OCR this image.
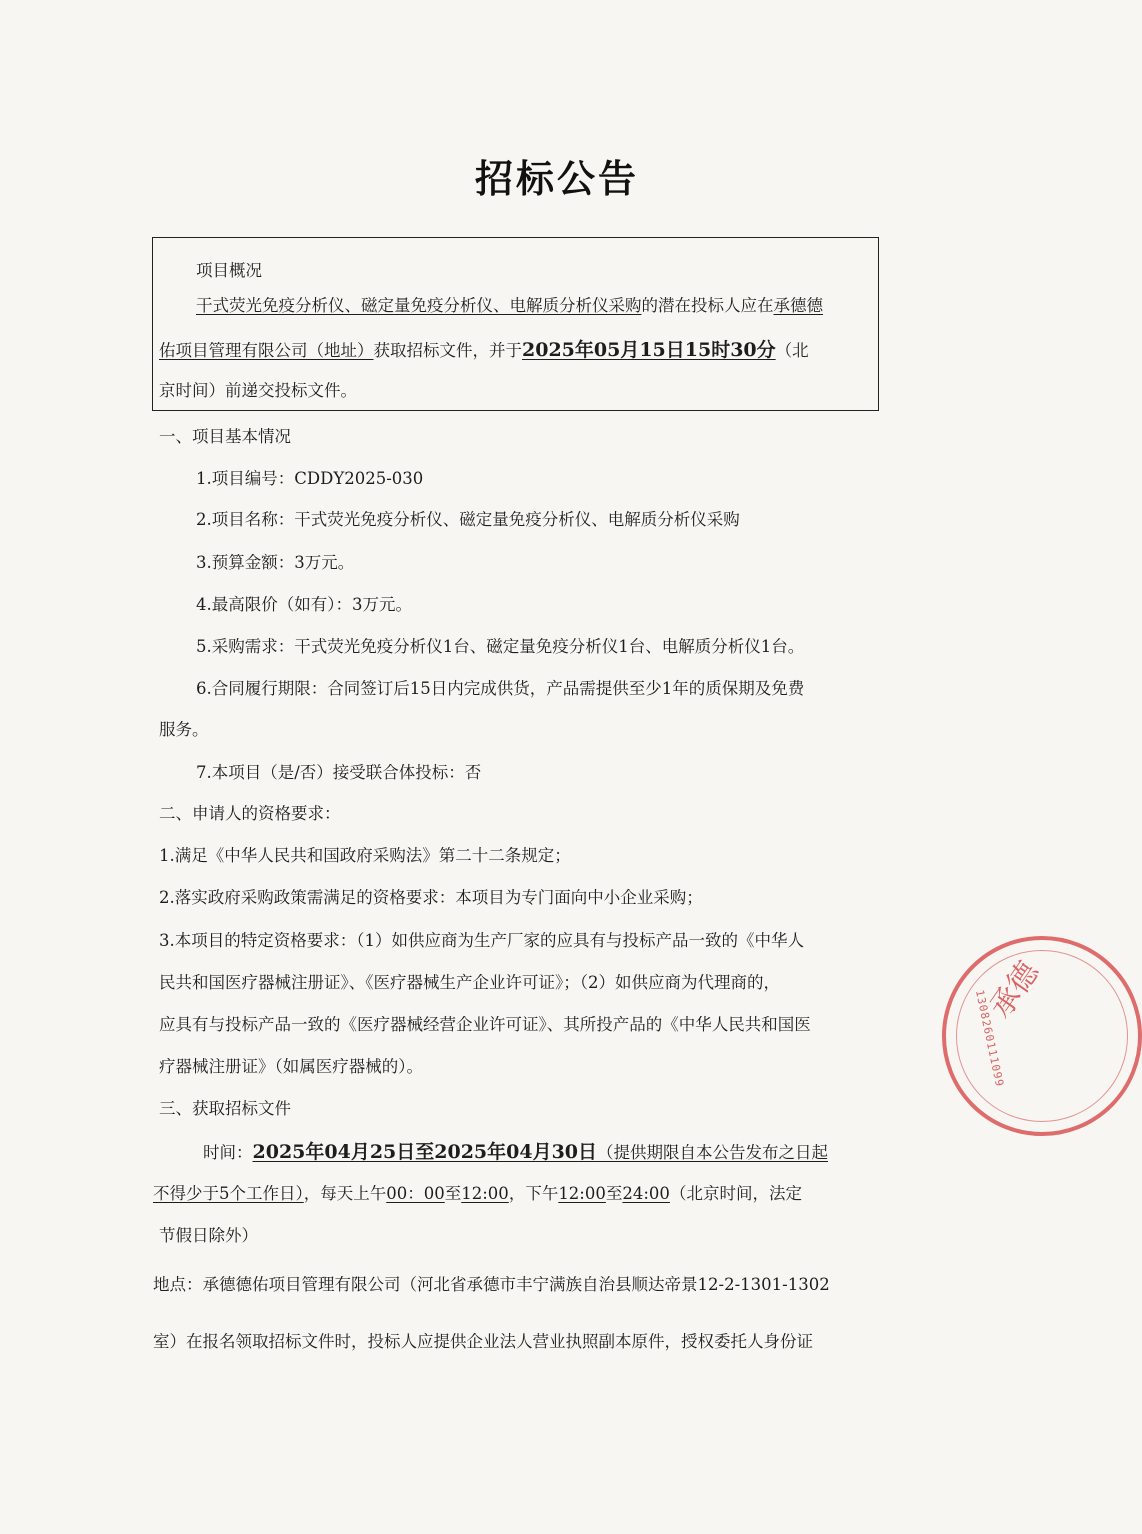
招标公告
项目概况
干式荧光免疫分析仪、磁定量免疫分析仪、电解质分析仪采购的潜在投标人应在承德德
佑项目管理有限公司（地址）获取招标文件，并于2025年05月15日15时30分（北
京时间）前递交投标文件。
一、项目基本情况
1.项目编号：CDDY2025-030
2.项目名称：干式荧光免疫分析仪、磁定量免疫分析仪、电解质分析仪采购
3.预算金额：3万元。
4.最高限价（如有）：3万元。
5.采购需求：干式荧光免疫分析仪1台、磁定量免疫分析仪1台、电解质分析仪1台。
6.合同履行期限：合同签订后15日内完成供货，产品需提供至少1年的质保期及免费
服务。
7.本项目（是/否）接受联合体投标：否
二、申请人的资格要求：
1.满足《中华人民共和国政府采购法》第二十二条规定；
2.落实政府采购政策需满足的资格要求：本项目为专门面向中小企业采购；
3.本项目的特定资格要求：（1）如供应商为生产厂家的应具有与投标产品一致的《中华人
民共和国医疗器械注册证》、《医疗器械生产企业许可证》；（2）如供应商为代理商的，
应具有与投标产品一致的《医疗器械经营企业许可证》、其所投产品的《中华人民共和国医
疗器械注册证》（如属医疗器械的）。
三、获取招标文件
时间：2025年04月25日至2025年04月30日（提供期限自本公告发布之日起
不得少于5个工作日），每天上午00：00至12:00，下午12:00至24:00（北京时间，法定
节假日除外）
地点：承德德佑项目管理有限公司（河北省承德市丰宁满族自治县顺达帝景12-2-1301-1302
室）在报名领取招标文件时，投标人应提供企业法人营业执照副本原件，授权委托人身份证
承德
1308260111099
